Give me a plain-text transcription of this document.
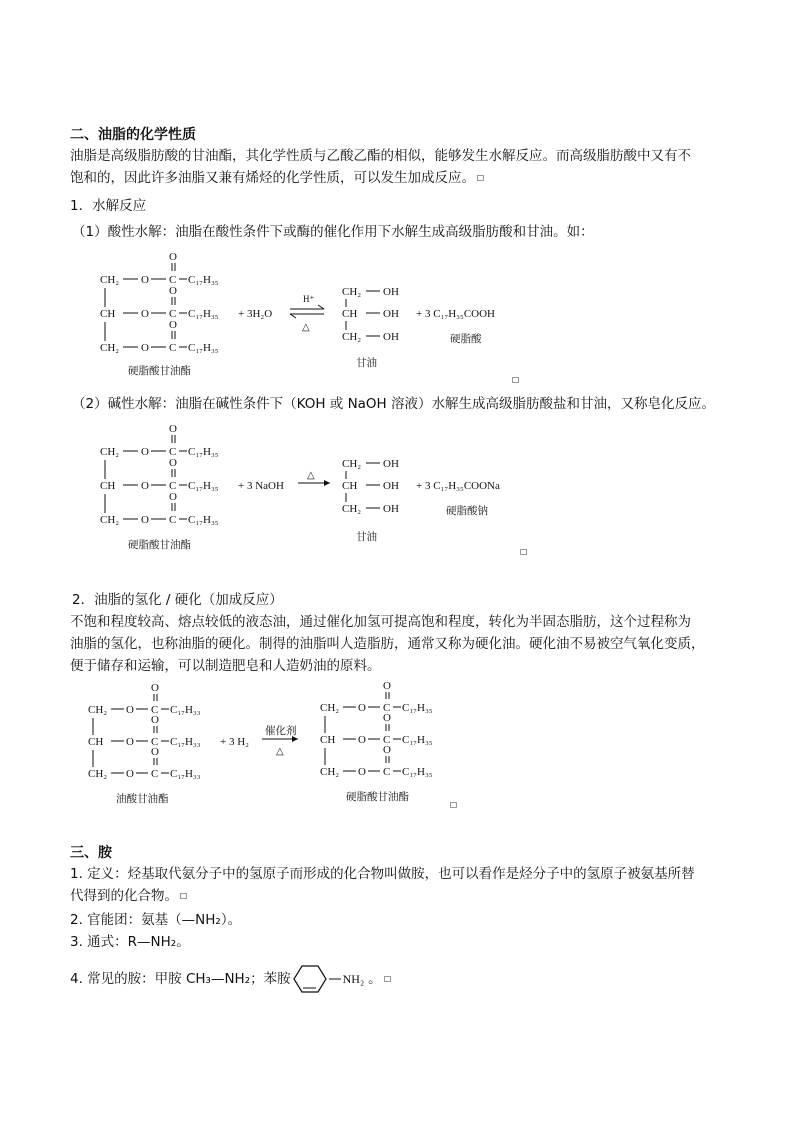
二、油脂的化学性质
油脂是高级脂肪酸的甘油酯，其化学性质与乙酸乙酯的相似，能够发生水解反应。而高级脂肪酸中又有不
饱和的，因此许多油脂又兼有烯烃的化学性质，可以发生加成反应。
1．水解反应
（1）酸性水解：油脂在酸性条件下或酶的催化作用下水解生成高级脂肪酸和甘油。如：
CH₂
CH
CH₂
O
O
O
O
O
O
C
C
C
C₁₇H₃₅
C₁₇H₃₅
C₁₇H₃₅
硬脂酸甘油酯
+ 3H₂O
H⁺
△
CH₂
CH
CH₂
OH
OH
OH
甘油
+ 3 C₁₇H₃₅COOH
硬脂酸
（2）碱性水解：油脂在碱性条件下（KOH 或 NaOH 溶液）水解生成高级脂肪酸盐和甘油，又称皂化反应。
CH₂
CH
CH₂
O
O
O
O
O
O
C
C
C
C₁₇H₃₅
C₁₇H₃₅
C₁₇H₃₅
硬脂酸甘油酯
+ 3 NaOH
△
CH₂
CH
CH₂
OH
OH
OH
甘油
+ 3 C₁₇H₃₅COONa
硬脂酸钠
2．油脂的氢化 / 硬化（加成反应）
不饱和程度较高、熔点较低的液态油，通过催化加氢可提高饱和程度，转化为半固态脂肪，这个过程称为
油脂的氢化，也称油脂的硬化。制得的油脂叫人造脂肪，通常又称为硬化油。硬化油不易被空气氧化变质，
便于储存和运输，可以制造肥皂和人造奶油的原料。
CH₂
CH
CH₂
O
O
O
O
O
O
C
C
C
C₁₇H₃₃
C₁₇H₃₃
C₁₇H₃₃
油酸甘油酯
+ 3 H₂
催化剂
△
CH₂
CH
CH₂
O
O
O
O
O
O
C
C
C
C₁₇H₃₅
C₁₇H₃₅
C₁₇H₃₅
硬脂酸甘油酯
三、胺
1. 定义：烃基取代氨分子中的氢原子而形成的化合物叫做胺，也可以看作是烃分子中的氢原子被氨基所替
代得到的化合物。
2. 官能团：氨基（—NH₂）。
3. 通式：R—NH₂。
4. 常见的胺：甲胺 CH₃—NH₂；苯胺	NH₂ 。
